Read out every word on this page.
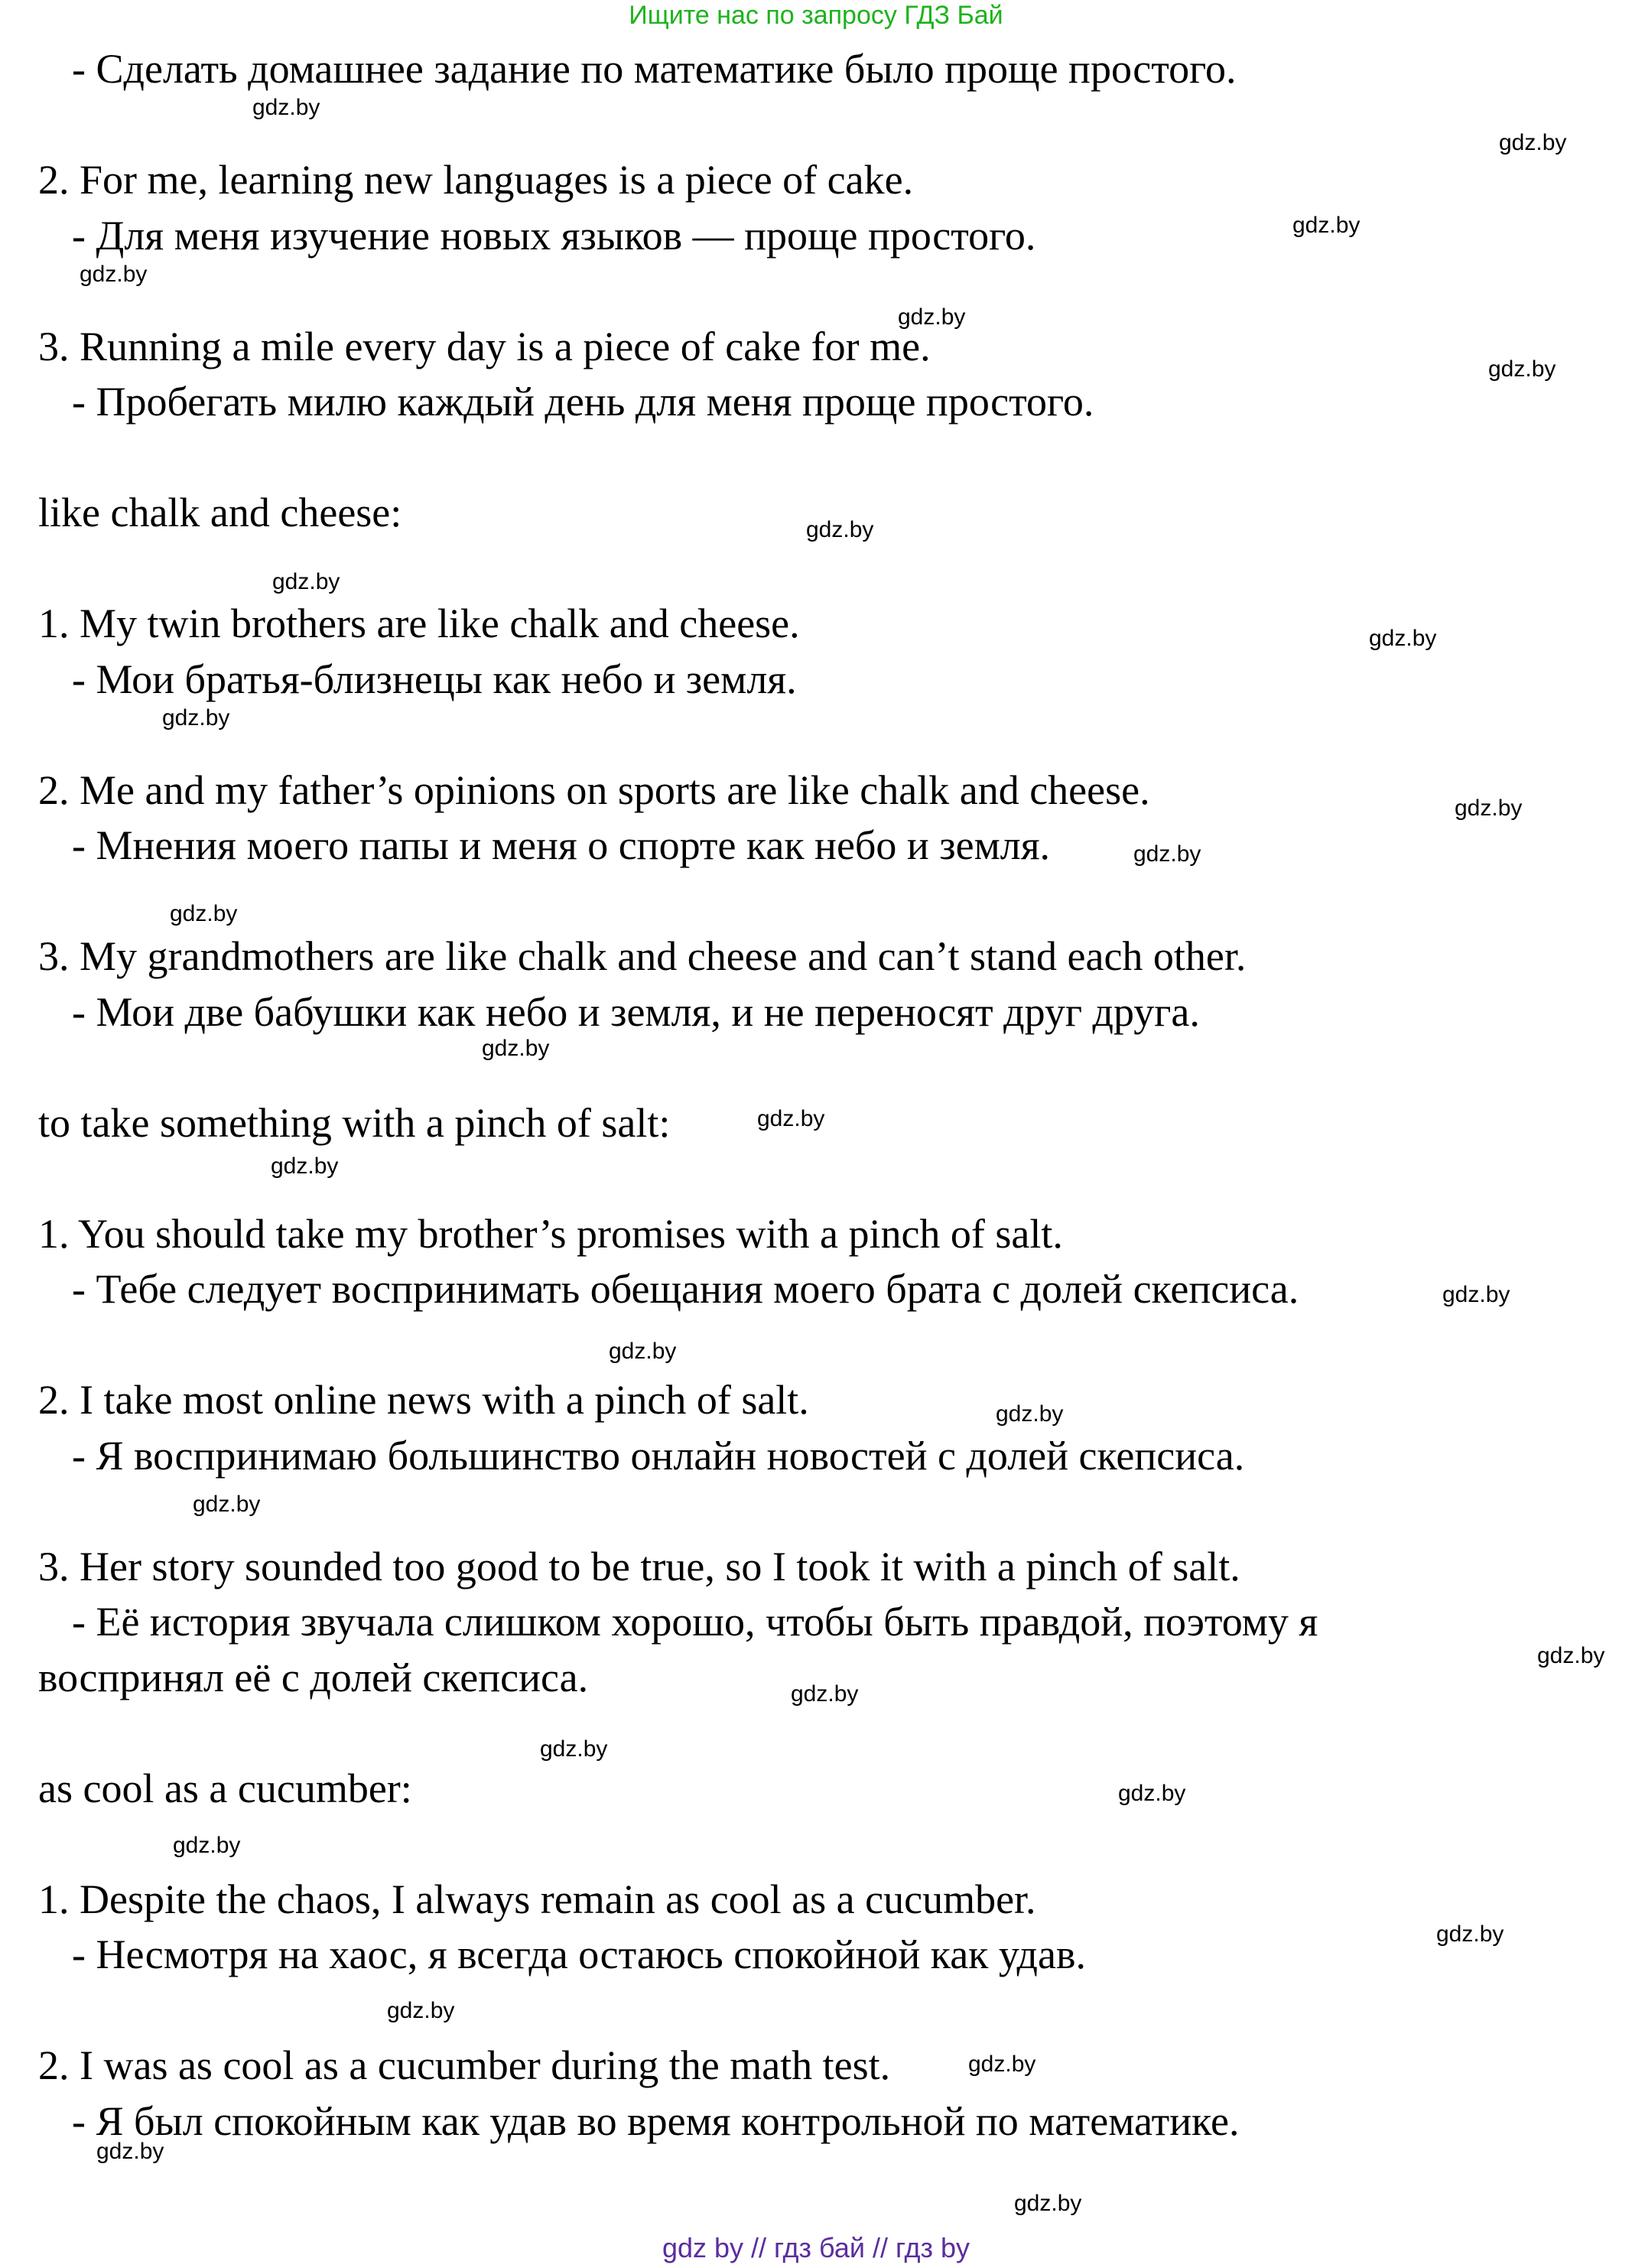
Ищите нас по запросу ГДЗ Бай
- Сделать домашнее задание по математике было проще простого.
2. For me, learning new languages is a piece of cake.
- Для меня изучение новых языков — проще простого.
3. Running a mile every day is a piece of cake for me.
- Пробегать милю каждый день для меня проще простого.
like chalk and cheese:
1. My twin brothers are like chalk and cheese.
- Мои братья-близнецы как небо и земля.
2. Me and my father’s opinions on sports are like chalk and cheese.
- Мнения моего папы и меня о спорте как небо и земля.
3. My grandmothers are like chalk and cheese and can’t stand each other.
- Мои две бабушки как небо и земля, и не переносят друг друга.
to take something with a pinch of salt:
1. You should take my brother’s promises with a pinch of salt.
- Тебе следует воспринимать обещания моего брата с долей скепсиса.
2. I take most online news with a pinch of salt.
- Я воспринимаю большинство онлайн новостей с долей скепсиса.
3. Her story sounded too good to be true, so I took it with a pinch of salt.
- Её история звучала слишком хорошо, чтобы быть правдой, поэтому я
воспринял её с долей скепсиса.
as cool as a cucumber:
1. Despite the chaos, I always remain as cool as a cucumber.
- Несмотря на хаос, я всегда остаюсь спокойной как удав.
2. I was as cool as a cucumber during the math test.
- Я был спокойным как удав во время контрольной по математике.
gdz.by
gdz.by
gdz.by
gdz.by
gdz.by
gdz.by
gdz.by
gdz.by
gdz.by
gdz.by
gdz.by
gdz.by
gdz.by
gdz.by
gdz.by
gdz.by
gdz.by
gdz.by
gdz.by
gdz.by
gdz.by
gdz.by
gdz.by
gdz.by
gdz.by
gdz.by
gdz.by
gdz.by
gdz.by
gdz.by
gdz by // гдз бай // гдз by
